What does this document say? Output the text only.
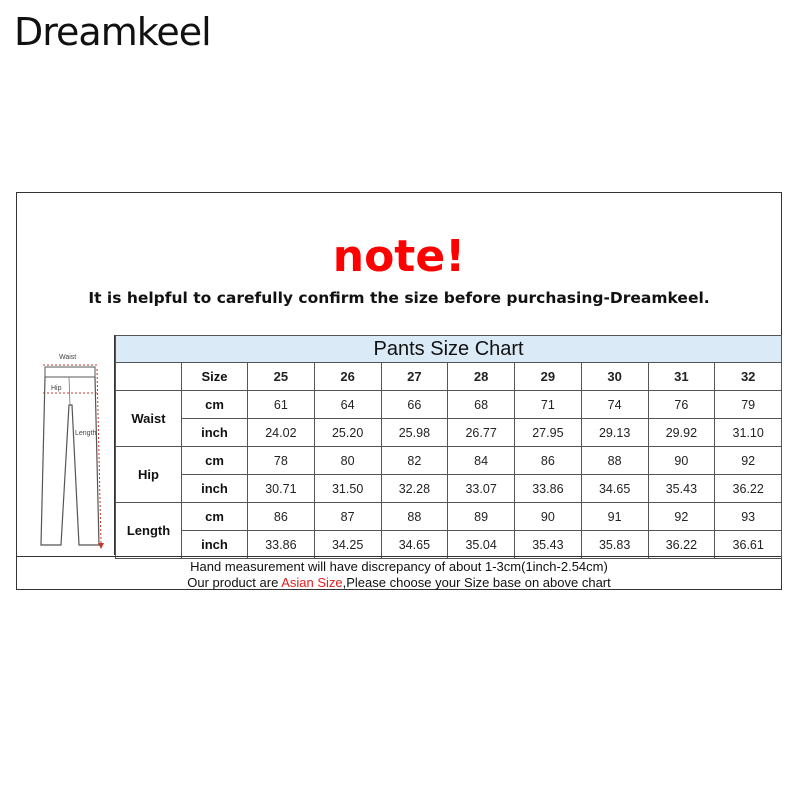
Dreamkeel
note!
It is helpful to carefully confirm the size before purchasing-Dreamkeel.
Waist
Hip
Length
Pants Size Chart									
	Size	25	26	27	28	29	30	31	32
Waist	cm	61	64	66	68	71	74	76	79
	inch	24.02	25.20	25.98	26.77	27.95	29.13	29.92	31.10
Hip	cm	78	80	82	84	86	88	90	92
	inch	30.71	31.50	32.28	33.07	33.86	34.65	35.43	36.22
Length	cm	86	87	88	89	90	91	92	93
	inch	33.86	34.25	34.65	35.04	35.43	35.83	36.22	36.61
Hand measurement will have discrepancy of about 1-3cm(1inch-2.54cm)
Our product are Asian Size,Please choose your Size base on above chart
